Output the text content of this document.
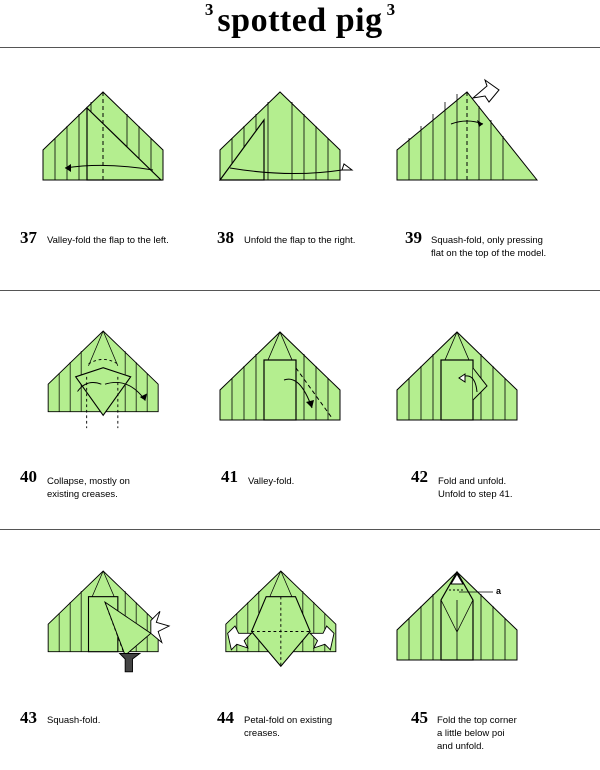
3 spotted pig 3
a
37 Valley-fold the flap to the left.	38 Unfold the flap to the right.	39 Squash-fold, only pressing
flat on the top of the model.
40 Collapse, mostly on
existing creases.
41 Valley-fold.	42 Fold and unfold.
Unfold to step 41.
43 Squash-fold.	44 Petal-fold on existing
creases.
45 Fold the top corner
a little below poi
and unfold.
